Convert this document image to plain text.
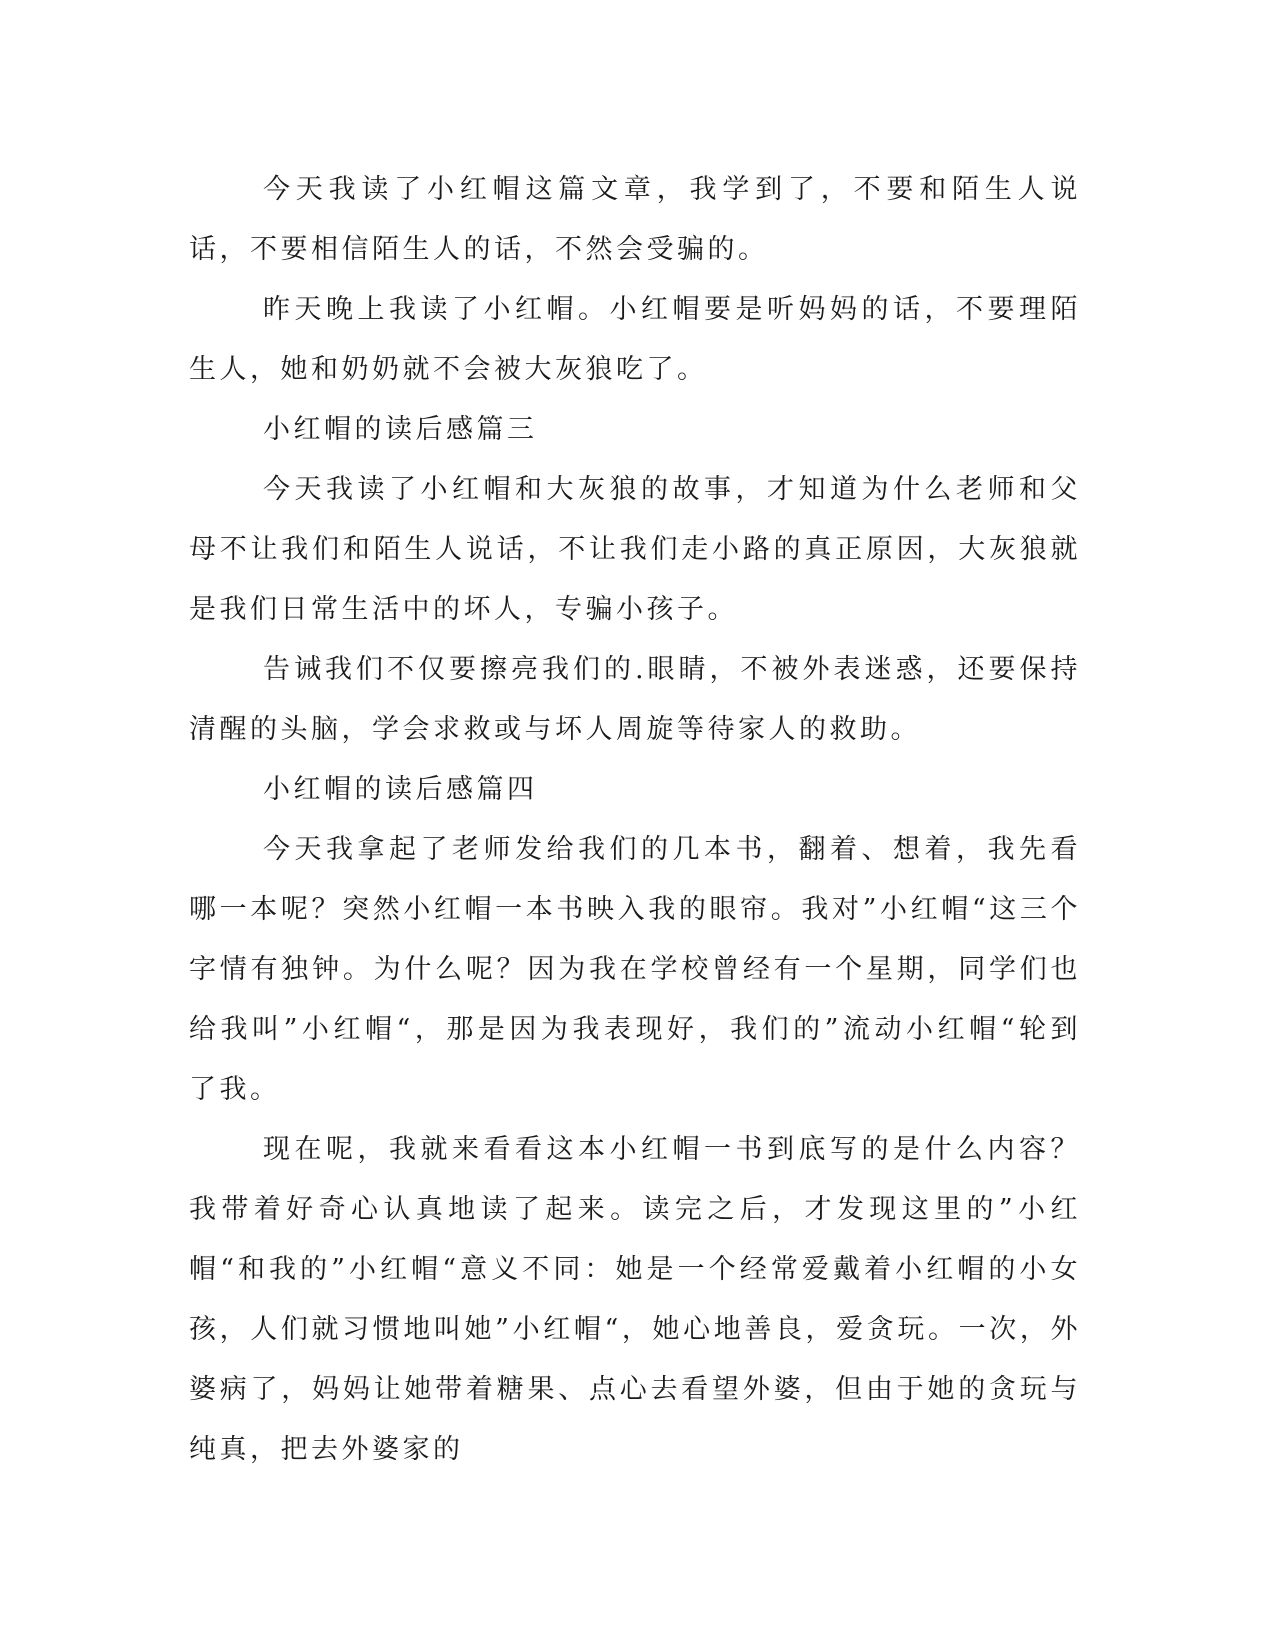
今天我读了小红帽这篇文章，我学到了，不要和陌生人说话，不要相信陌生人的话，不然会受骗的。

昨天晚上我读了小红帽。小红帽要是听妈妈的话，不要理陌生人，她和奶奶就不会被大灰狼吃了。

小红帽的读后感篇三

今天我读了小红帽和大灰狼的故事，才知道为什么老师和父母不让我们和陌生人说话，不让我们走小路的真正原因，大灰狼就是我们日常生活中的坏人，专骗小孩子。

告诫我们不仅要擦亮我们的.眼睛，不被外表迷惑，还要保持清醒的头脑，学会求救或与坏人周旋等待家人的救助。

小红帽的读后感篇四

今天我拿起了老师发给我们的几本书，翻着、想着，我先看哪一本呢？突然小红帽一本书映入我的眼帘。我对”小红帽“这三个字情有独钟。为什么呢？因为我在学校曾经有一个星期，同学们也给我叫”小红帽“，那是因为我表现好，我们的”流动小红帽“轮到了我。

现在呢，我就来看看这本小红帽一书到底写的是什么内容？我带着好奇心认真地读了起来。读完之后，才发现这里的”小红帽“和我的”小红帽“意义不同：她是一个经常爱戴着小红帽的小女孩，人们就习惯地叫她”小红帽“，她心地善良，爱贪玩。一次，外婆病了，妈妈让她带着糖果、点心去看望外婆，但由于她的贪玩与纯真，把去外婆家的
